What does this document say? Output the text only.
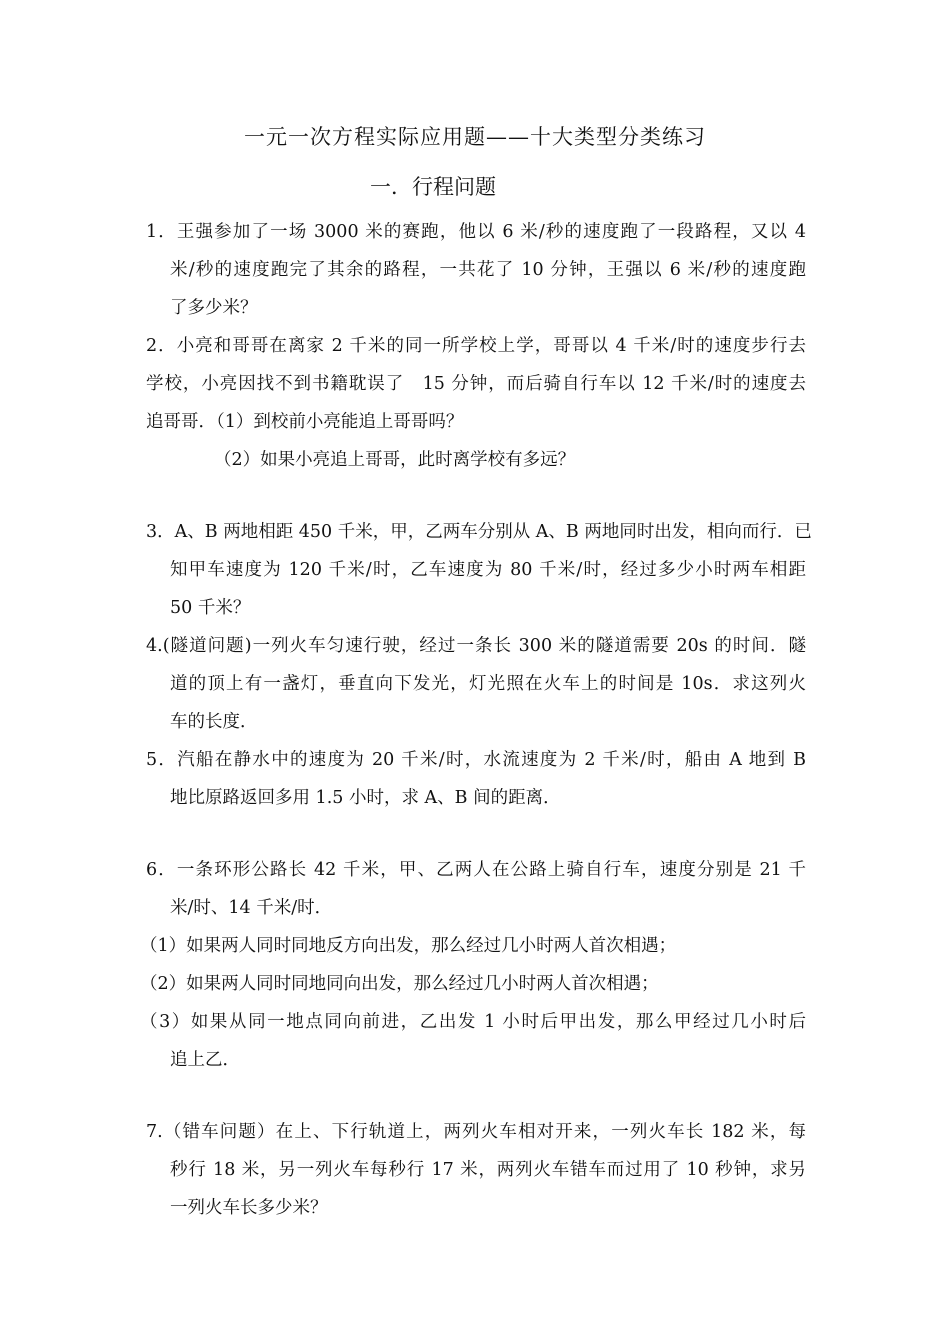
一元一次方程实际应用题——十大类型分类练习
一．行程问题
1．王强参加了一场 3000 米的赛跑，他以 6 米/秒的速度跑了一段路程，又以 4
米/秒的速度跑完了其余的路程，一共花了 10 分钟，王强以 6 米/秒的速度跑
了多少米？
2．小亮和哥哥在离家 2 千米的同一所学校上学，哥哥以 4 千米/时的速度步行去
学校，小亮因找不到书籍耽误了　15 分钟，而后骑自行车以 12 千米/时的速度去
追哥哥．（1）到校前小亮能追上哥哥吗？
（2）如果小亮追上哥哥，此时离学校有多远？
3．A、B 两地相距 450 千米，甲，乙两车分别从 A、B 两地同时出发，相向而行．已
知甲车速度为 120 千米/时，乙车速度为 80 千米/时，经过多少小时两车相距
50 千米？
4.(隧道问题)一列火车匀速行驶，经过一条长 300 米的隧道需要 20s 的时间．隧
道的顶上有一盏灯，垂直向下发光，灯光照在火车上的时间是 10s．求这列火
车的长度．
5．汽船在静水中的速度为 20 千米/时，水流速度为 2 千米/时，船由 A 地到 B
地比原路返回多用 1.5 小时，求 A、B 间的距离．
6．一条环形公路长 42 千米，甲、乙两人在公路上骑自行车，速度分别是 21 千
米/时、14 千米/时．
（1）如果两人同时同地反方向出发，那么经过几小时两人首次相遇；
（2）如果两人同时同地同向出发，那么经过几小时两人首次相遇；
（3）如果从同一地点同向前进，乙出发 1 小时后甲出发，那么甲经过几小时后
追上乙．
7.（错车问题）在上、下行轨道上，两列火车相对开来，一列火车长 182 米，每
秒行 18 米，另一列火车每秒行 17 米，两列火车错车而过用了 10 秒钟，求另
一列火车长多少米？
